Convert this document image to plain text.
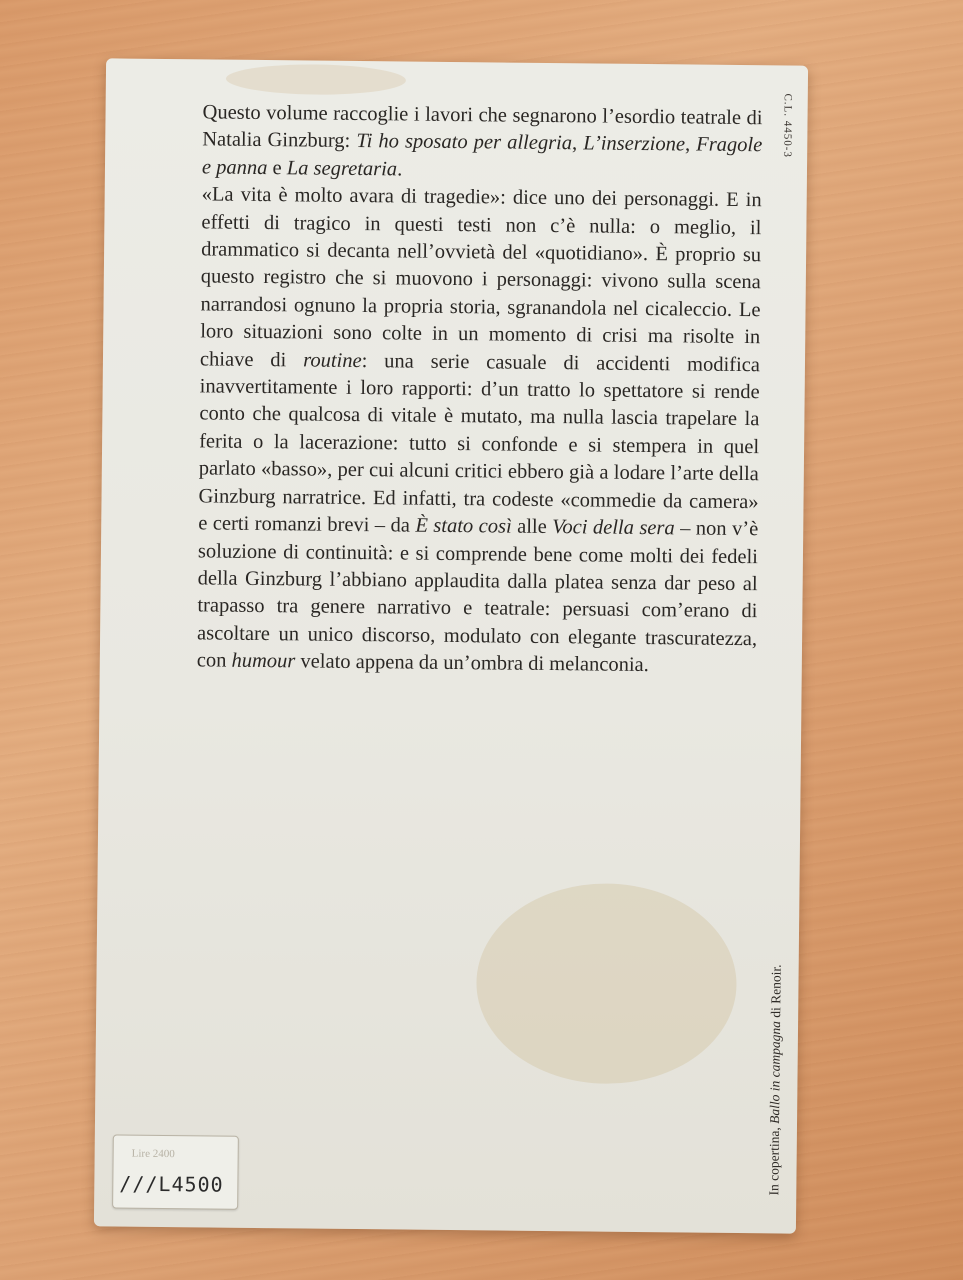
C.L. 4450-3

Questo volume raccoglie i lavori che segnarono l’esordio teatrale di Natalia Ginzburg: Ti ho sposato per allegria, L’inserzione, Fragole e panna e La segretaria.

«La vita è molto avara di tragedie»: dice uno dei personaggi. E in effetti di tragico in questi testi non c’è nulla: o meglio, il drammatico si decanta nell’ovvietà del «quotidiano». È proprio su questo registro che si muovono i personaggi: vivono sulla scena narrandosi ognuno la propria storia, sgranandola nel cicaleccio. Le loro situazioni sono colte in un momento di crisi ma risolte in chiave di routine: una serie casuale di accidenti modifica inavvertitamente i loro rapporti: d’un tratto lo spettatore si rende conto che qualcosa di vitale è mutato, ma nulla lascia trapelare la ferita o la lacerazione: tutto si confonde e si stempera in quel parlato «basso», per cui alcuni critici ebbero già a lodare l’arte della Ginzburg narratrice. Ed infatti, tra codeste «commedie da camera» e certi romanzi brevi – da È stato così alle Voci della sera – non v’è soluzione di continuità: e si comprende bene come molti dei fedeli della Ginzburg l’abbiano applaudita dalla platea senza dar peso al trapasso tra genere narrativo e teatrale: persuasi com’erano di ascoltare un unico discorso, modulato con elegante trascuratezza, con humour velato appena da un’ombra di melanconia.

In copertina, Ballo in campagna di Renoir.
Lire 2400
///L4500
